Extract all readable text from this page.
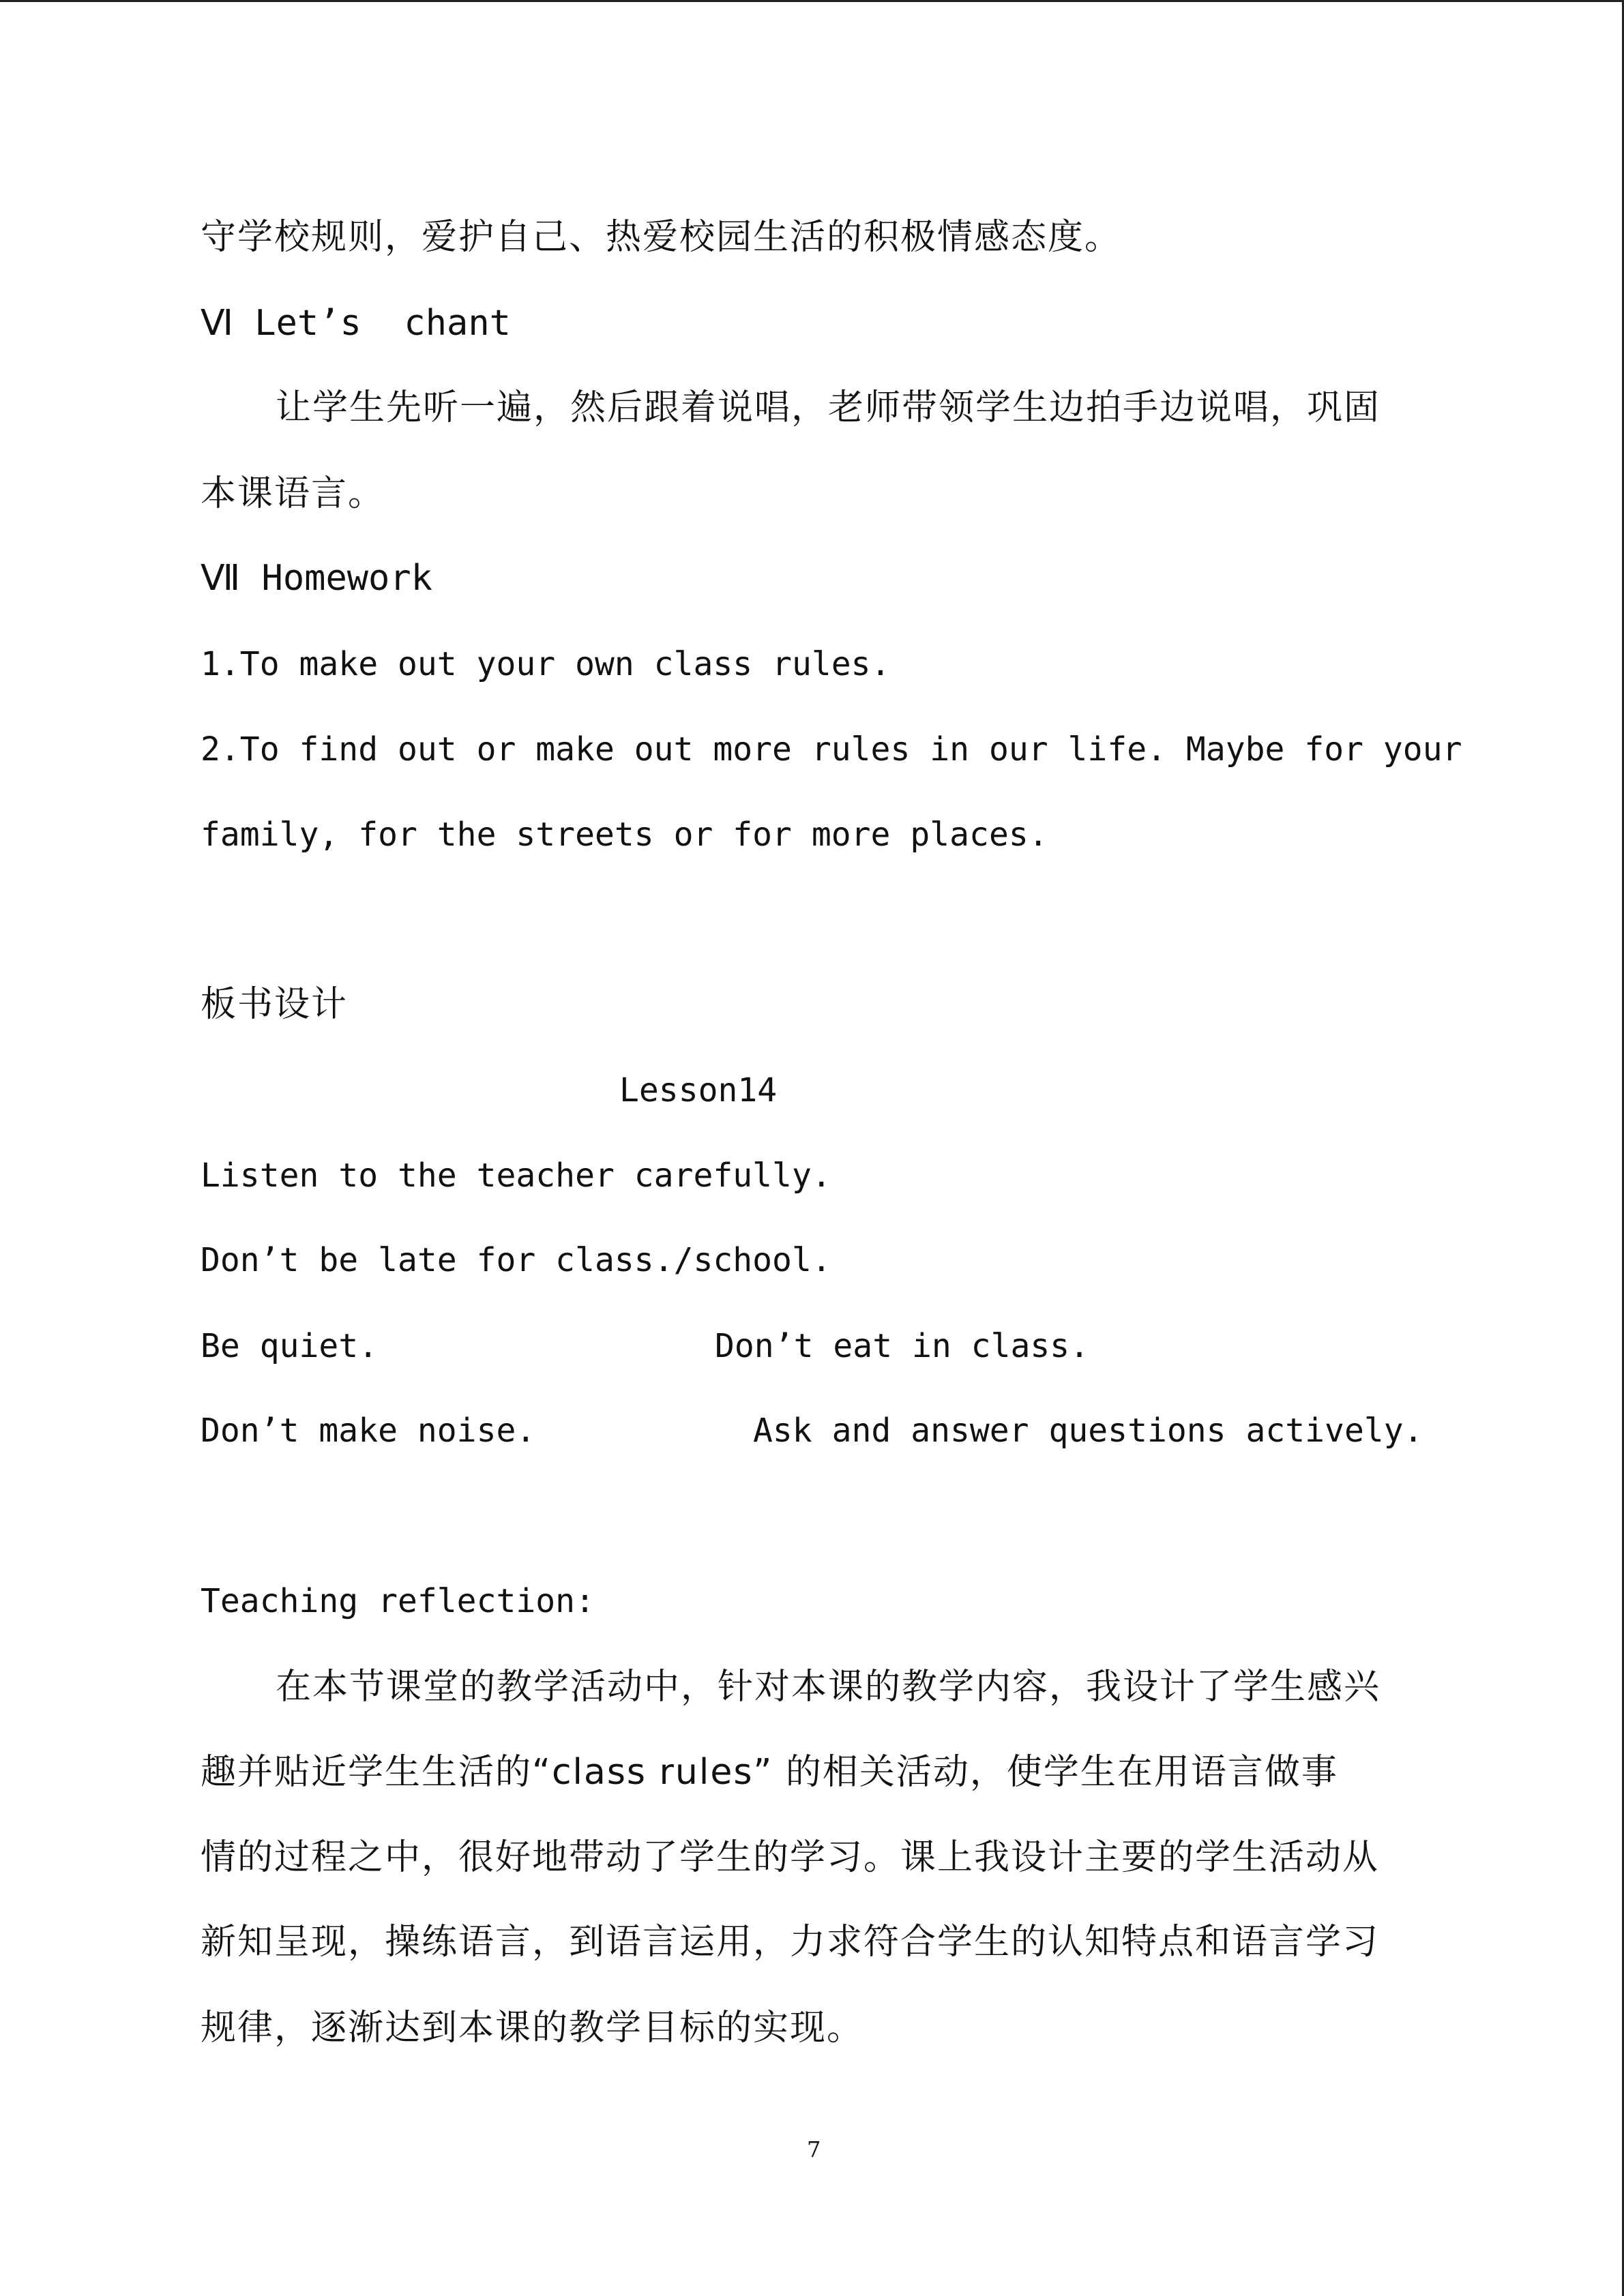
守学校规则，爱护自己、热爱校园生活的积极情感态度。
Ⅵ Let’s  chant
让学生先听一遍，然后跟着说唱，老师带领学生边拍手边说唱，巩固
本课语言。
Ⅶ Homework
1.To make out your own class rules.
2.To find out or make out more rules in our life. Maybe for your
family, for the streets or for more places.
板书设计
Lesson14
Listen to the teacher carefully.
Don’t be late for class./school.
Be quiet.	Don’t eat in class.
Don’t make noise.	Ask and answer questions actively.
Teaching reflection:
在本节课堂的教学活动中，针对本课的教学内容，我设计了学生感兴
趣并贴近学生生活的“class rules” 的相关活动，使学生在用语言做事
情的过程之中，很好地带动了学生的学习。课上我设计主要的学生活动从
新知呈现，操练语言，到语言运用，力求符合学生的认知特点和语言学习
规律，逐渐达到本课的教学目标的实现。
7
